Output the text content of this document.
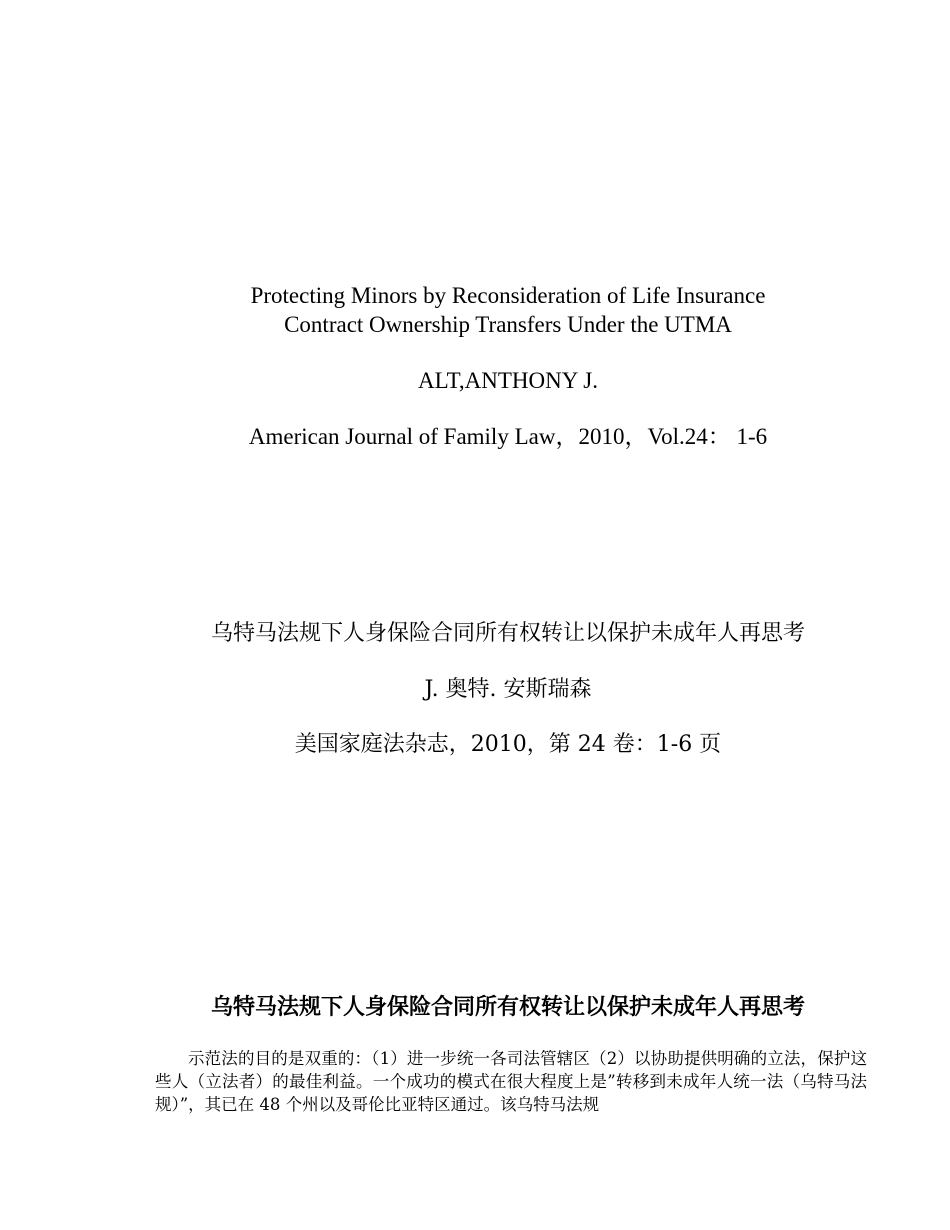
Protecting Minors by Reconsideration of Life Insurance
Contract Ownership Transfers Under the UTMA
ALT,ANTHONY J.
American Journal of Family Law，2010，Vol.24： 1-6
乌特马法规下人身保险合同所有权转让以保护未成年人再思考
J. 奥特. 安斯瑞森
美国家庭法杂志，2010，第 24 卷：1-6 页
乌特马法规下人身保险合同所有权转让以保护未成年人再思考
示范法的目的是双重的：（1）进一步统一各司法管辖区（2）以协助提供明确的立法，保护这些人（立法者）的最佳利益。一个成功的模式在很大程度上是”转移到未成年人统一法（乌特马法规）”，其已在 48 个州以及哥伦比亚特区通过。该乌特马法规
